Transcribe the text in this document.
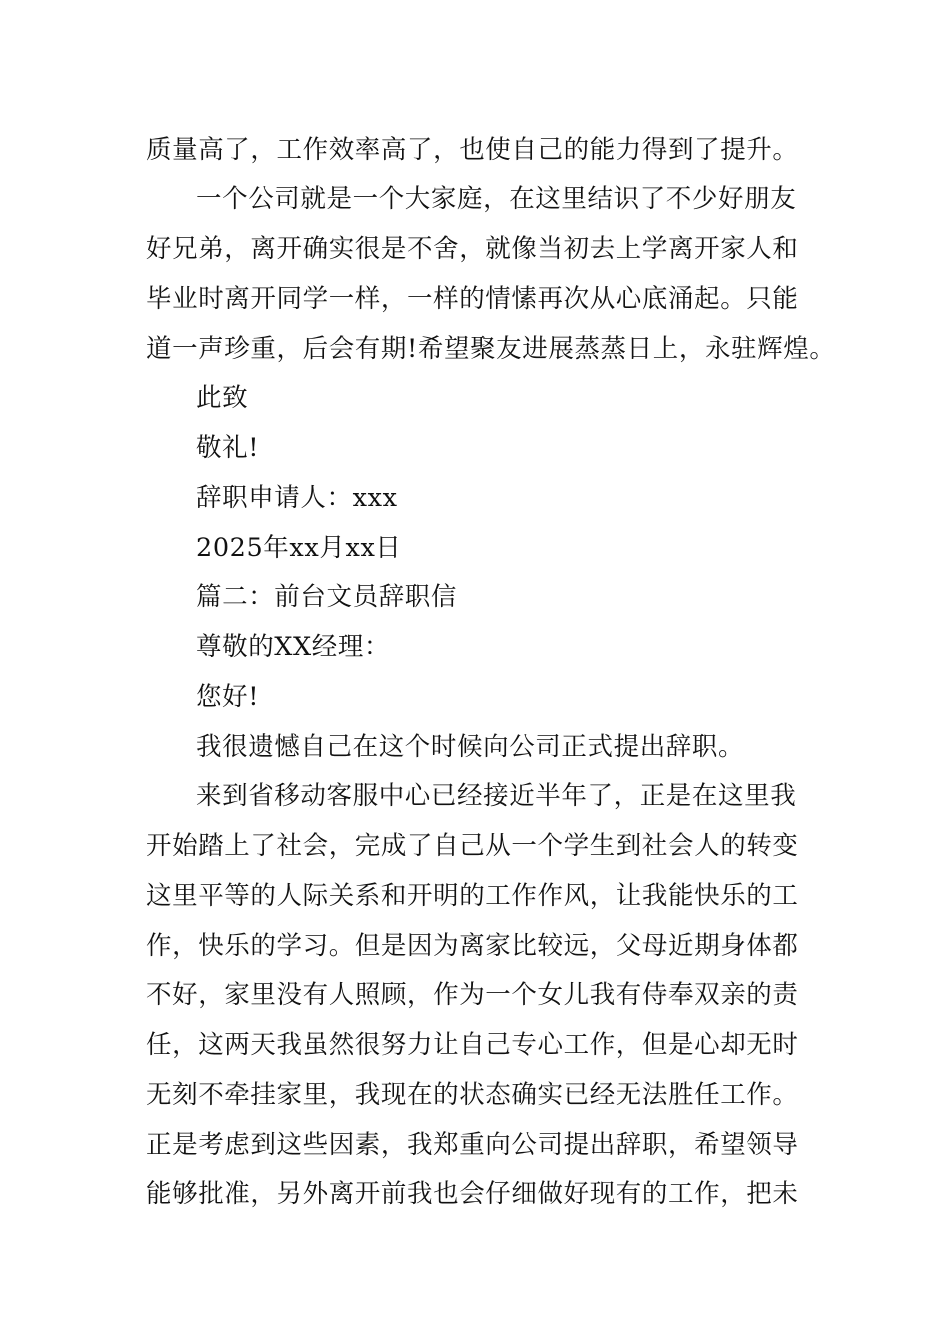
质量高了，工作效率高了，也使自己的能力得到了提升。
一个公司就是一个大家庭，在这里结识了不少好朋友
好兄弟，离开确实很是不舍，就像当初去上学离开家人和
毕业时离开同学一样，一样的情愫再次从心底涌起。只能
道一声珍重，后会有期!希望聚友进展蒸蒸日上，永驻辉煌。
此致
敬礼!
辞职申请人：xxx
2025年xx月xx日
篇二：前台文员辞职信
尊敬的XX经理：
您好!
我很遗憾自己在这个时候向公司正式提出辞职。
来到省移动客服中心已经接近半年了，正是在这里我
开始踏上了社会，完成了自己从一个学生到社会人的转变
这里平等的人际关系和开明的工作作风，让我能快乐的工
作，快乐的学习。但是因为离家比较远，父母近期身体都
不好，家里没有人照顾，作为一个女儿我有侍奉双亲的责
任，这两天我虽然很努力让自己专心工作，但是心却无时
无刻不牵挂家里，我现在的状态确实已经无法胜任工作。
正是考虑到这些因素，我郑重向公司提出辞职，希望领导
能够批准，另外离开前我也会仔细做好现有的工作，把未
